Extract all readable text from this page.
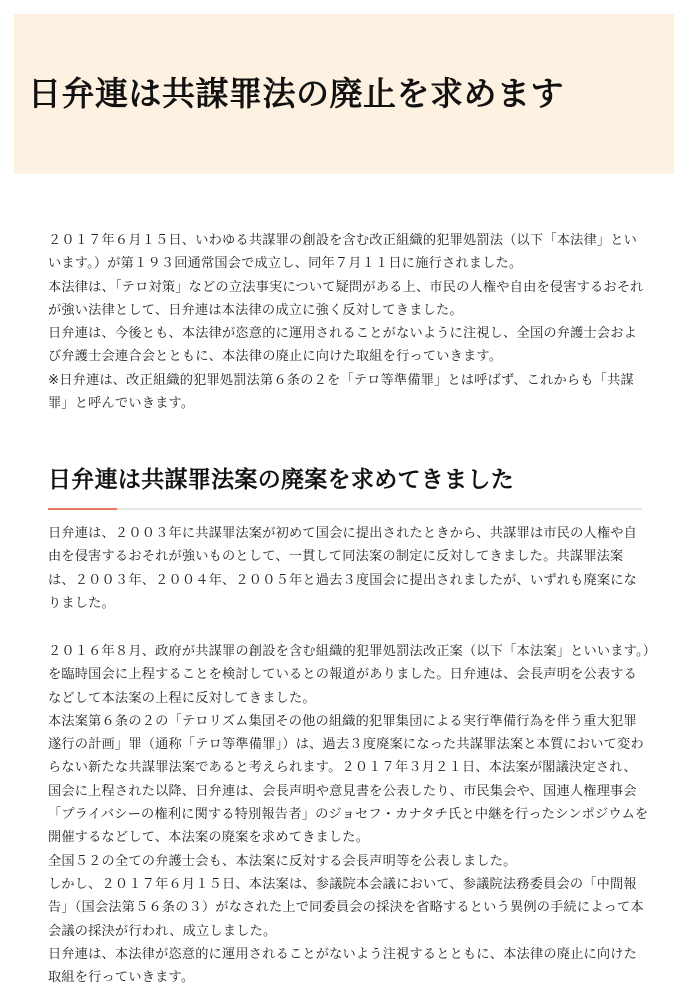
日弁連は共謀罪法の廃止を求めます

２０１７年６月１５日、いわゆる共謀罪の創設を含む改正組織的犯罪処罰法（以下「本法律」といいます。）が第１９３回通常国会で成立し、同年７月１１日に施行されました。

本法律は、「テロ対策」などの立法事実について疑問がある上、市民の人権や自由を侵害するおそれが強い法律として、日弁連は本法律の成立に強く反対してきました。

日弁連は、今後とも、本法律が恣意的に運用されることがないように注視し、全国の弁護士会および弁護士会連合会とともに、本法律の廃止に向けた取組を行っていきます。

※日弁連は、改正組織的犯罪処罰法第６条の２を「テロ等準備罪」とは呼ばず、これからも「共謀罪」と呼んでいきます。

日弁連は共謀罪法案の廃案を求めてきました

日弁連は、２００３年に共謀罪法案が初めて国会に提出されたときから、共謀罪は市民の人権や自由を侵害するおそれが強いものとして、一貫して同法案の制定に反対してきました。共謀罪法案は、２００３年、２００４年、２００５年と過去３度国会に提出されましたが、いずれも廃案になりました。

２０１６年８月、政府が共謀罪の創設を含む組織的犯罪処罰法改正案（以下「本法案」といいます。）を臨時国会に上程することを検討しているとの報道がありました。日弁連は、会長声明を公表するなどして本法案の上程に反対してきました。

本法案第６条の２の「テロリズム集団その他の組織的犯罪集団による実行準備行為を伴う重大犯罪遂行の計画」罪（通称「テロ等準備罪」）は、過去３度廃案になった共謀罪法案と本質において変わらない新たな共謀罪法案であると考えられます。２０１７年３月２１日、本法案が閣議決定され、国会に上程された以降、日弁連は、会長声明や意見書を公表したり、市民集会や、国連人権理事会「プライバシーの権利に関する特別報告者」のジョセフ・カナタチ氏と中継を行ったシンポジウムを開催するなどして、本法案の廃案を求めてきました。

全国５２の全ての弁護士会も、本法案に反対する会長声明等を公表しました。

しかし、２０１７年６月１５日、本法案は、参議院本会議において、参議院法務委員会の「中間報告」（国会法第５６条の３）がなされた上で同委員会の採決を省略するという異例の手続によって本会議の採決が行われ、成立しました。

日弁連は、本法律が恣意的に運用されることがないよう注視するとともに、本法律の廃止に向けた取組を行っていきます。
